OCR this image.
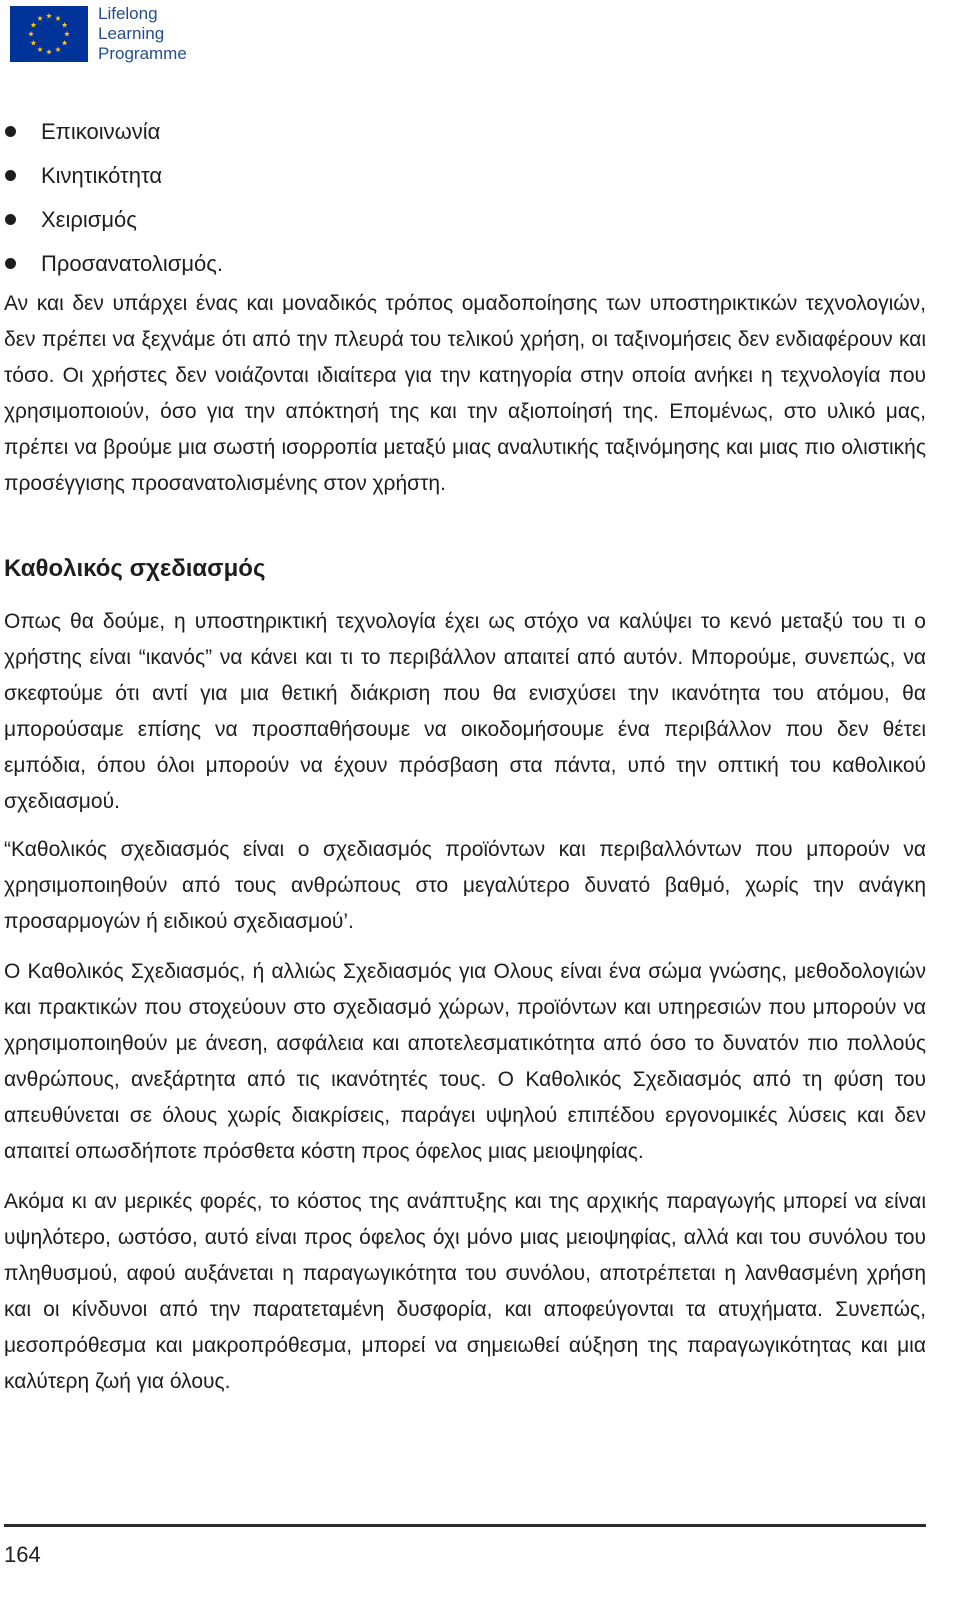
Lifelong
Learning
Programme
Επικοινωνία
Κινητικότητα
Χειρισμός
Προσανατολισμός.

Αν και δεν υπάρχει ένας και μοναδικός τρόπος ομαδοποίησης των υποστηρικτικών τεχνολογιών, δεν πρέπει να ξεχνάμε ότι από την πλευρά του τελικού χρήση, οι ταξινομήσεις δεν ενδιαφέρουν και τόσο. Οι χρήστες δεν νοιάζονται ιδιαίτερα για την κατηγορία στην οποία ανήκει η τεχνολογία που χρησιμοποιούν, όσο για την απόκτησή της και την αξιοποίησή της. Επομένως, στο υλικό μας, πρέπει να βρούμε μια σωστή ισορροπία μεταξύ μιας αναλυτικής ταξινόμησης και μιας πιο ολιστικής προσέγγισης προσανατολισμένης στον χρήστη.

Καθολικός σχεδιασμός

Οπως θα δούμε, η υποστηρικτική τεχνολογία έχει ως στόχο να καλύψει το κενό μεταξύ του τι ο χρήστης είναι “ικανός” να κάνει και τι το περιβάλλον απαιτεί από αυτόν. Μπορούμε, συνεπώς, να σκεφτούμε ότι αντί για μια θετική διάκριση που θα ενισχύσει την ικανότητα του ατόμου, θα μπορούσαμε επίσης να προσπαθήσουμε να οικοδομήσουμε ένα περιβάλλον που δεν θέτει εμπόδια, όπου όλοι μπορούν να έχουν πρόσβαση στα πάντα, υπό την οπτική του καθολικού σχεδιασμού.

“Καθολικός σχεδιασμός είναι ο σχεδιασμός προϊόντων και περιβαλλόντων που μπορούν να χρησιμοποιηθούν από τους ανθρώπους στο μεγαλύτερο δυνατό βαθμό, χωρίς την ανάγκη προσαρμογών ή ειδικού σχεδιασμού’.

Ο Καθολικός Σχεδιασμός, ή αλλιώς Σχεδιασμός για Ολους είναι ένα σώμα γνώσης, μεθοδολογιών και πρακτικών που στοχεύουν στο σχεδιασμό χώρων, προϊόντων και υπηρεσιών που μπορούν να χρησιμοποιηθούν με άνεση, ασφάλεια και αποτελεσματικότητα από όσο το δυνατόν πιο πολλούς ανθρώπους, ανεξάρτητα από τις ικανότητές τους. Ο Καθολικός Σχεδιασμός από τη φύση του απευθύνεται σε όλους χωρίς διακρίσεις, παράγει υψηλού επιπέδου εργονομικές λύσεις και δεν απαιτεί οπωσδήποτε πρόσθετα κόστη προς όφελος μιας μειοψηφίας.

Ακόμα κι αν μερικές φορές, το κόστος της ανάπτυξης και της αρχικής παραγωγής μπορεί να είναι υψηλότερο, ωστόσο, αυτό είναι προς όφελος όχι μόνο μιας μειοψηφίας, αλλά και του συνόλου του πληθυσμού, αφού αυξάνεται η παραγωγικότητα του συνόλου, αποτρέπεται η λανθασμένη χρήση και οι κίνδυνοι από την παρατεταμένη δυσφορία, και αποφεύγονται τα ατυχήματα. Συνεπώς, μεσοπρόθεσμα και μακροπρόθεσμα, μπορεί να σημειωθεί αύξηση της παραγωγικότητας και μια καλύτερη ζωή για όλους.

164
